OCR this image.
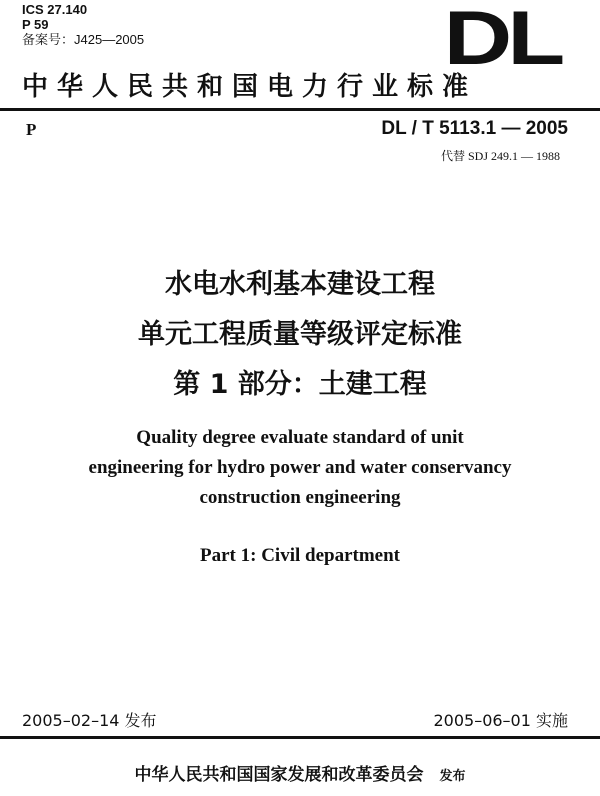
ICS 27.140
P 59
备案号：J425—2005	DL
中华人民共和国电力行业标准
P	DL / T 5113.1 — 2005
代替 SDJ 249.1 — 1988
水电水利基本建设工程
单元工程质量等级评定标准
第 1 部分：土建工程
Quality degree evaluate standard of unit
engineering for hydro power and water conservancy
construction engineering
Part 1: Civil department
2005–02–14 发布	2005–06–01 实施
中华人民共和国国家发展和改革委员会 发布
